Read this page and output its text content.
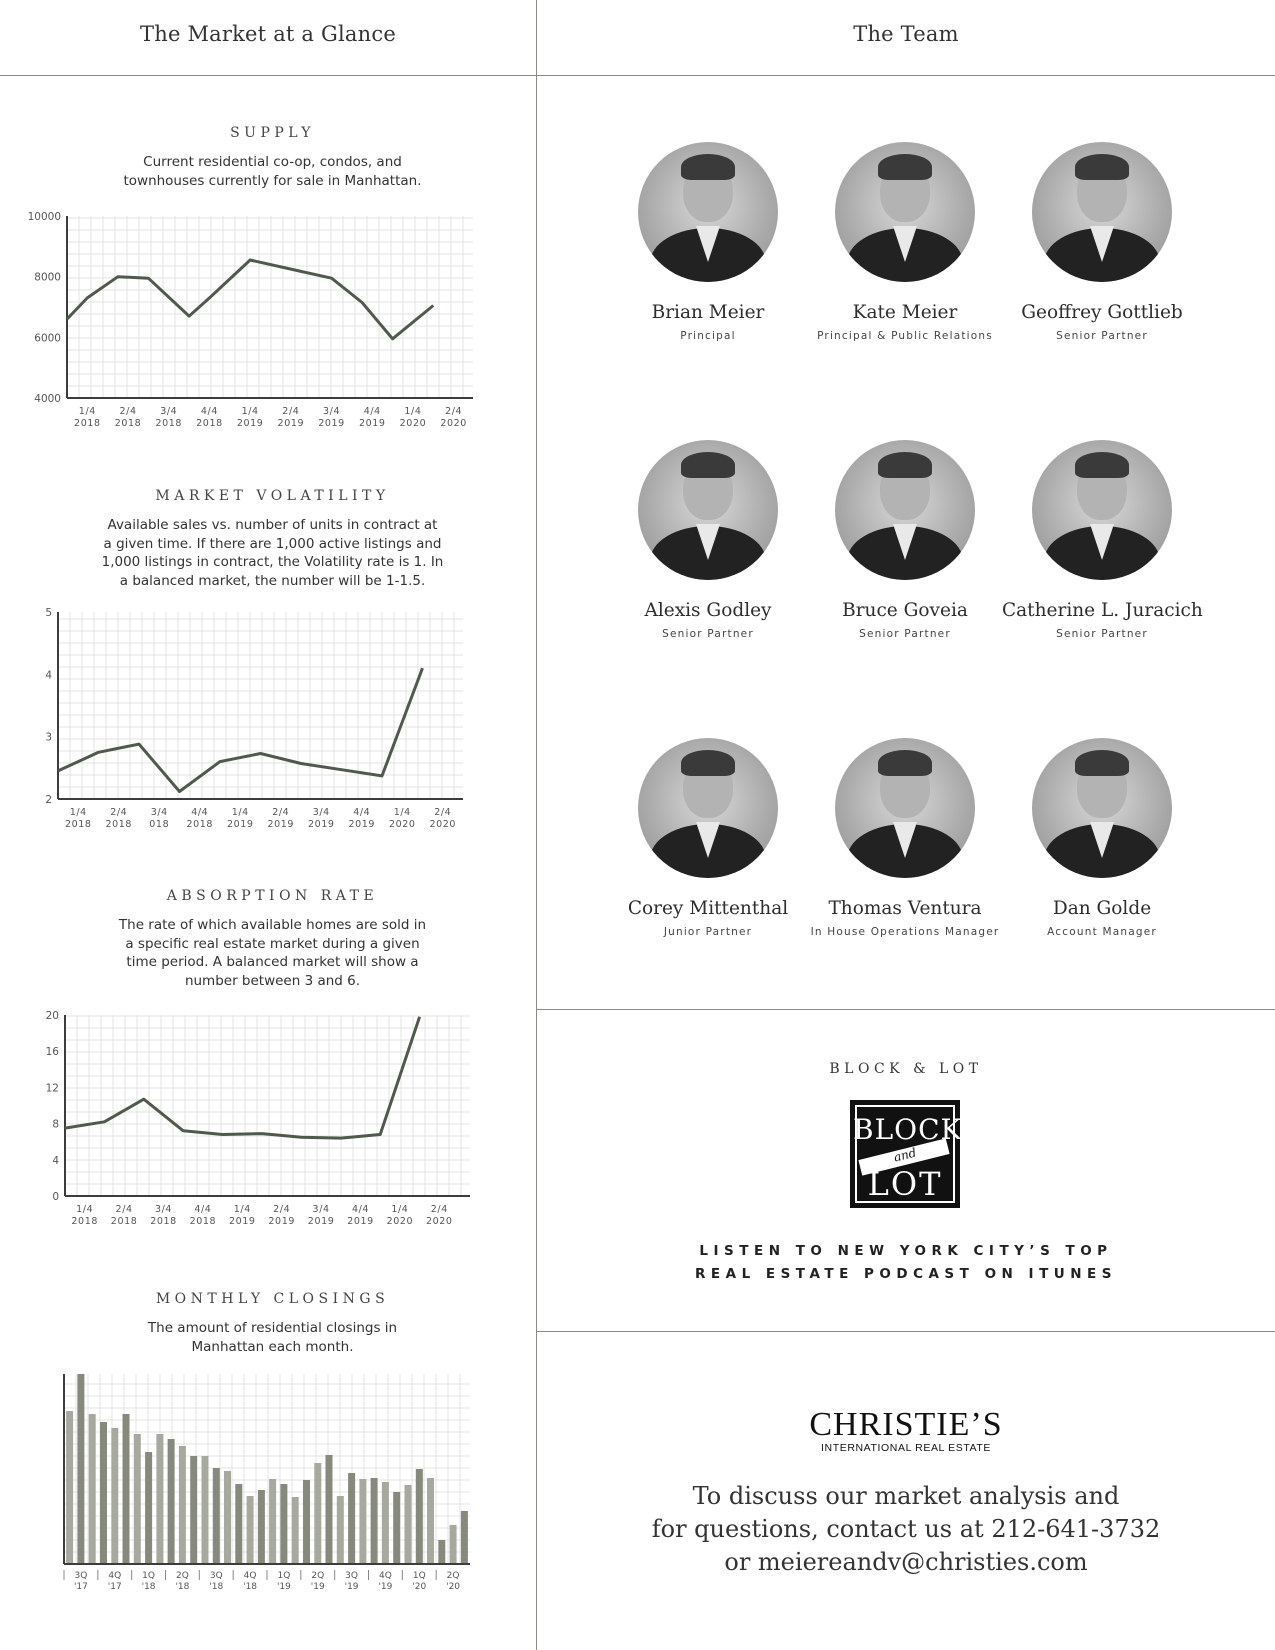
The Market at a Glance	The Team
SUPPLY
Current residential co-op, condos, and
townhouses currently for sale in Manhattan.
4000
6000
8000
10000
1/4
2018
2/4
2018
3/4
2018
4/4
2018
1/4
2019
2/4
2019
3/4
2019
4/4
2019
1/4
2020
2/4
2020
MARKET VOLATILITY
Available sales vs. number of units in contract at
a given time. If there are 1,000 active listings and
1,000 listings in contract, the Volatility rate is 1. In
a balanced market, the number will be 1-1.5.
2
3
4
5
1/4
2018
2/4
2018
3/4
018
4/4
2018
1/4
2019
2/4
2019
3/4
2019
4/4
2019
1/4
2020
2/4
2020
ABSORPTION RATE
The rate of which available homes are sold in
a specific real estate market during a given
time period. A balanced market will show a
number between 3 and 6.
0
4
8
12
16
20
1/4
2018
2/4
2018
3/4
2018
4/4
2018
1/4
2019
2/4
2019
3/4
2019
4/4
2019
1/4
2020
2/4
2020
MONTHLY CLOSINGS
The amount of residential closings in
Manhattan each month.
3Q
'17
4Q
'17
1Q
'18
2Q
'18
3Q
'18
4Q
'18
1Q
'19
2Q
'19
3Q
'19
4Q
'19
1Q
'20
2Q
'20
Brian Meier
Principal
Kate Meier
Principal & Public Relations
Geoffrey Gottlieb
Senior Partner
Alexis Godley
Senior Partner
Bruce Goveia
Senior Partner
Catherine L. Juracich
Senior Partner
Corey Mittenthal
Junior Partner
Thomas Ventura
In House Operations Manager
Dan Golde
Account Manager
BLOCK & LOT
BLOCK
and
LOT
LISTEN TO NEW YORK CITY’S TOP
REAL ESTATE PODCAST ON ITUNES
CHRISTIE’S
INTERNATIONAL REAL ESTATE
To discuss our market analysis and
for questions, contact us at 212-641-3732
or meiereandv@christies.com
